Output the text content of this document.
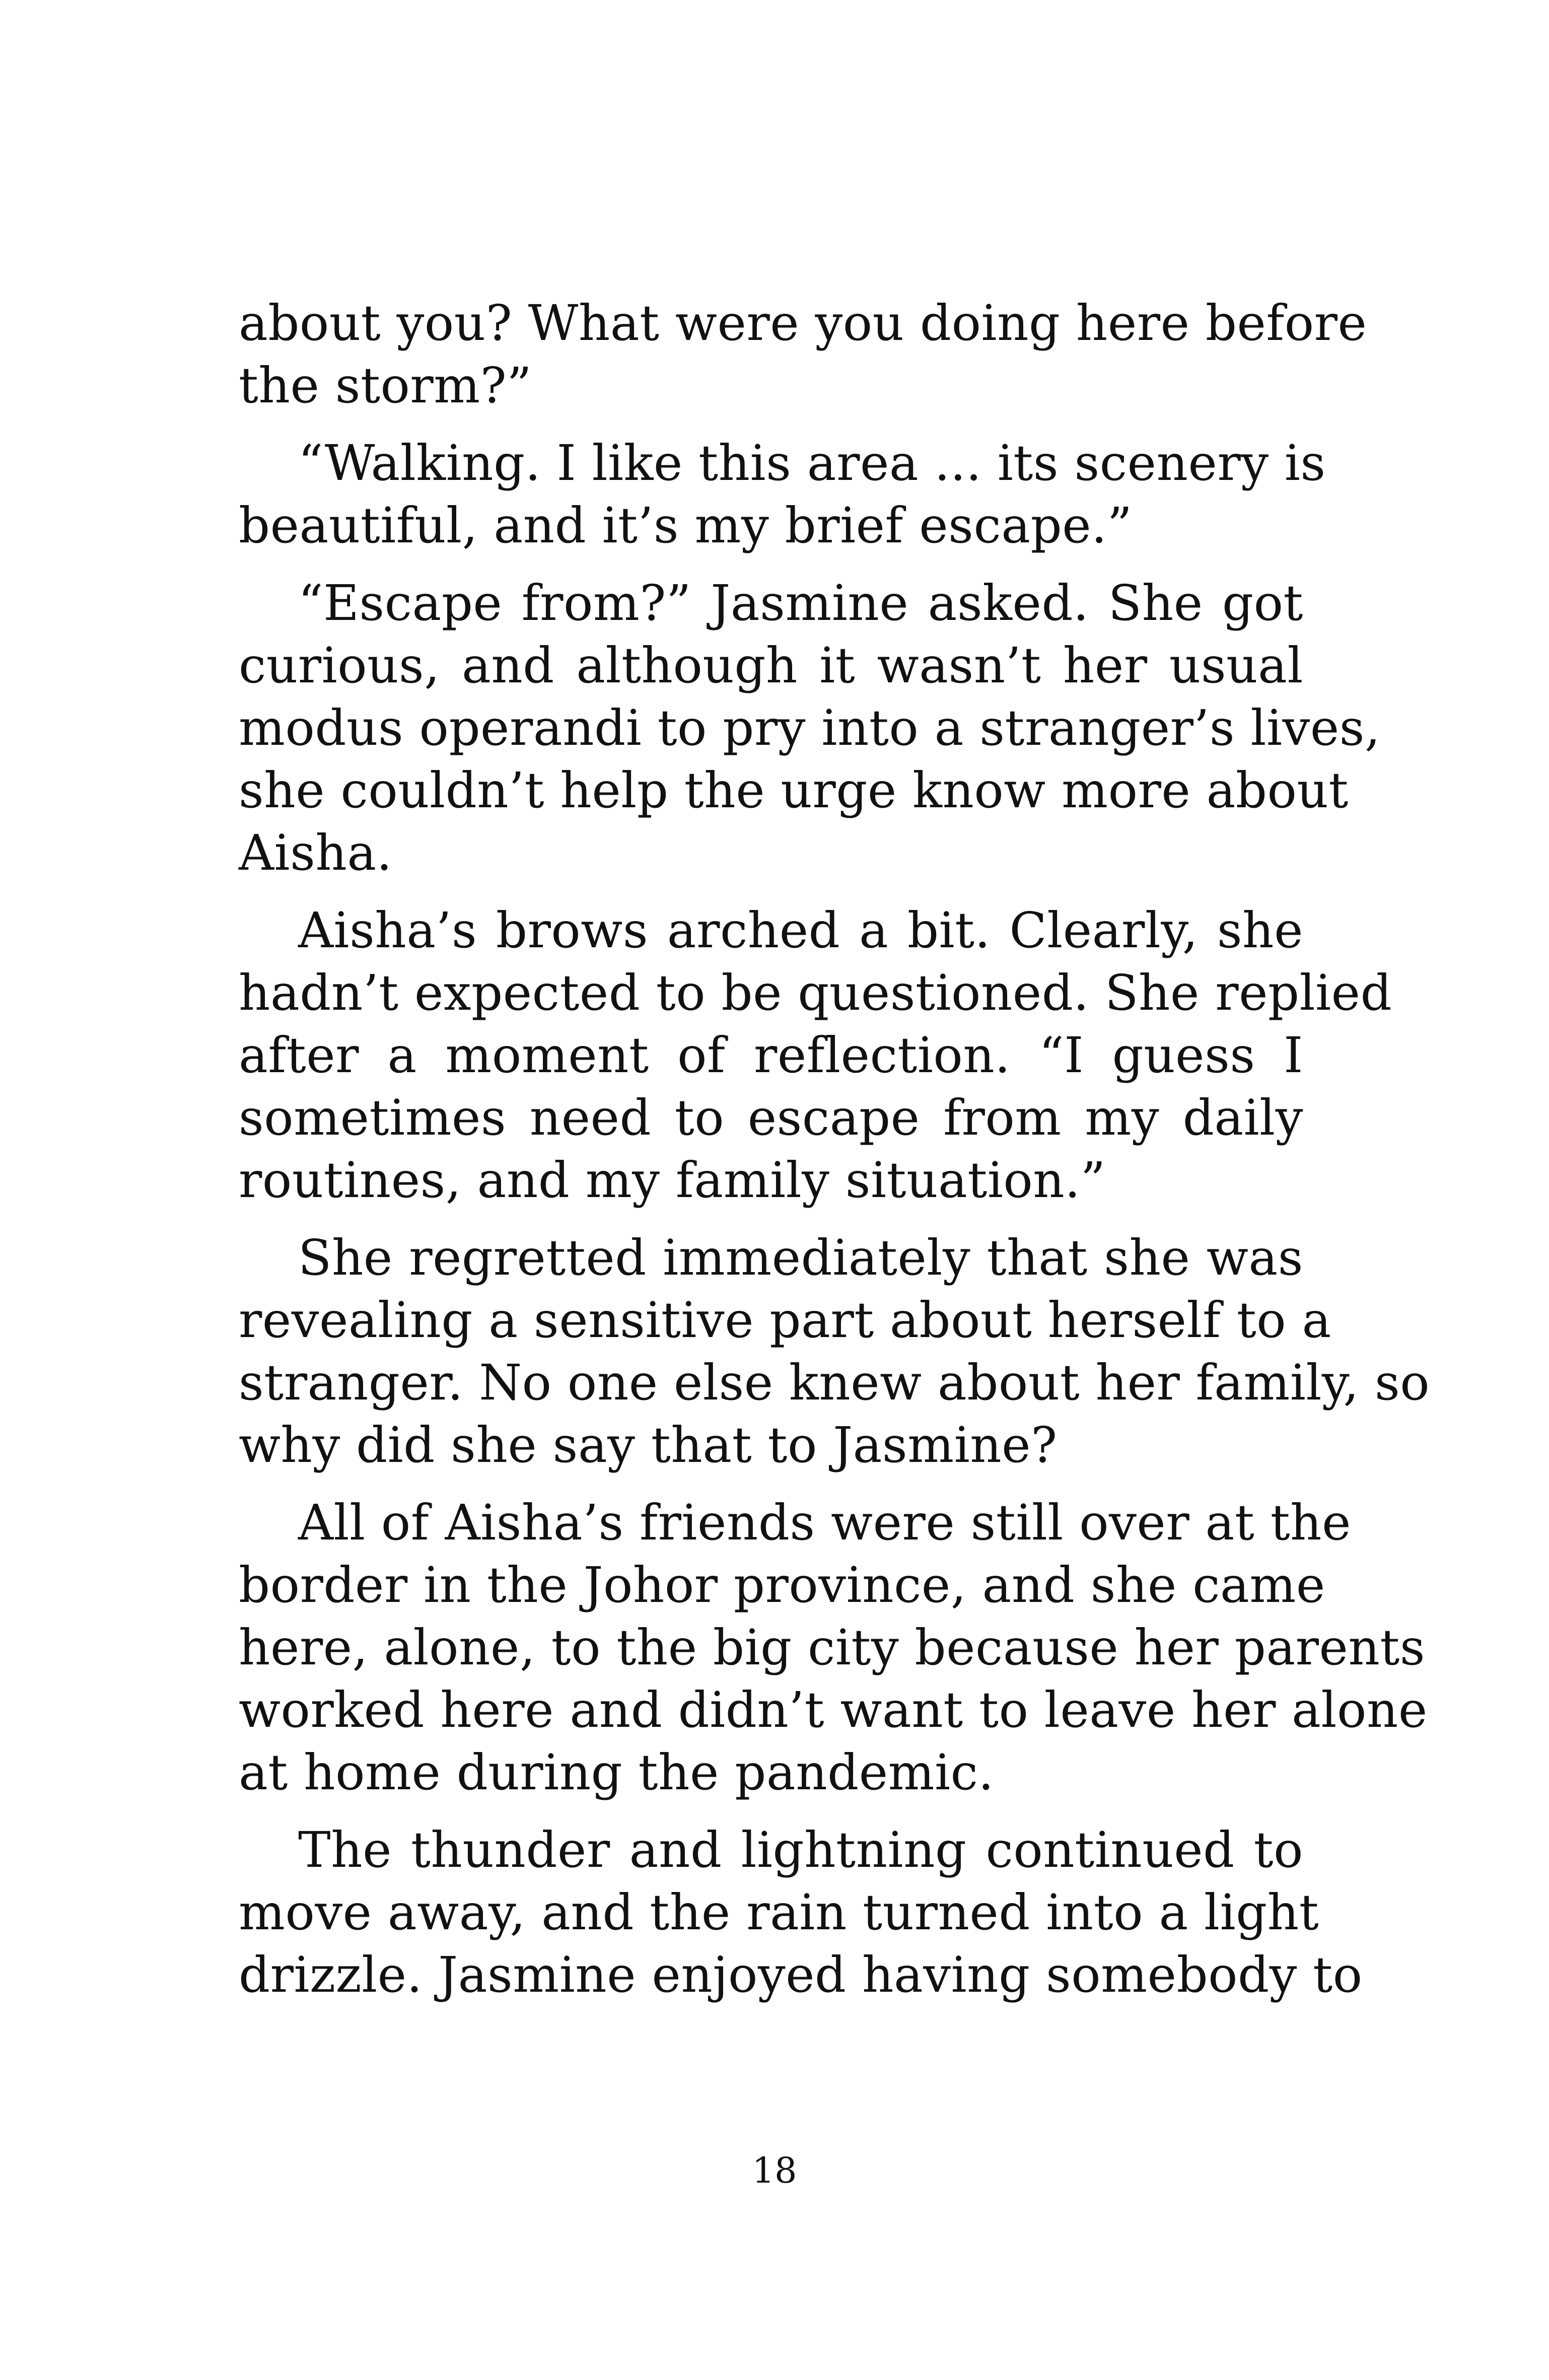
about you? What were you doing here before
the storm?”
“Walking. I like this area ... its scenery is
beautiful, and it’s my brief escape.”
“Escape from?” Jasmine asked. She got
curious, and although it wasn’t her usual
modus operandi to pry into a stranger’s lives,
she couldn’t help the urge know more about
Aisha.
Aisha’s brows arched a bit. Clearly, she
hadn’t expected to be questioned. She replied
after a moment of reflection. “I guess I
sometimes need to escape from my daily
routines, and my family situation.”
She regretted immediately that she was
revealing a sensitive part about herself to a
stranger. No one else knew about her family, so
why did she say that to Jasmine?
All of Aisha’s friends were still over at the
border in the Johor province, and she came
here, alone, to the big city because her parents
worked here and didn’t want to leave her alone
at home during the pandemic.
The thunder and lightning continued to
move away, and the rain turned into a light
drizzle. Jasmine enjoyed having somebody to
18
